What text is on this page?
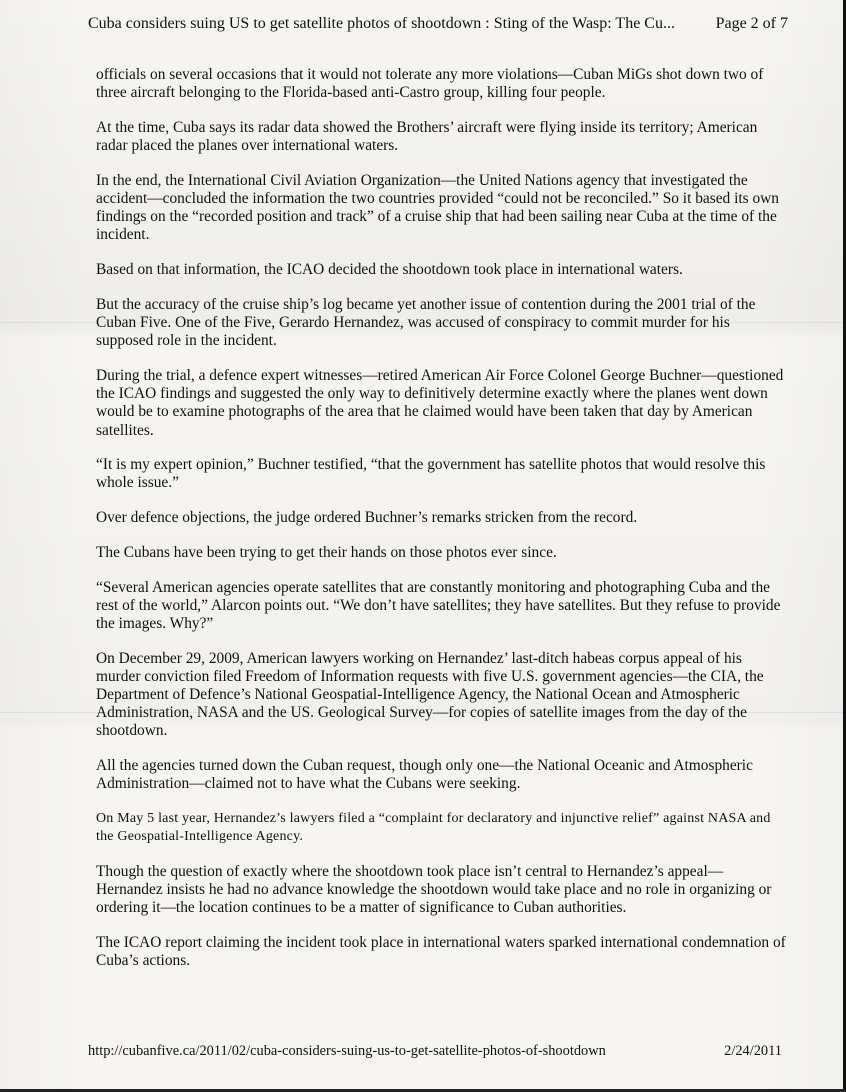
Cuba considers suing US to get satellite photos of shootdown : Sting of the Wasp: The Cu...	Page 2 of 7

officials on several occasions that it would not tolerate any more violations—Cuban MiGs shot down two of three aircraft belonging to the Florida-based anti-Castro group, killing four people.

At the time, Cuba says its radar data showed the Brothers’ aircraft were flying inside its territory; American radar placed the planes over international waters.

In the end, the International Civil Aviation Organization—the United Nations agency that investigated the accident—concluded the information the two countries provided “could not be reconciled.” So it based its own findings on the “recorded position and track” of a cruise ship that had been sailing near Cuba at the time of the incident.

Based on that information, the ICAO decided the shootdown took place in international waters.

But the accuracy of the cruise ship’s log became yet another issue of contention during the 2001 trial of the Cuban Five. One of the Five, Gerardo Hernandez, was accused of conspiracy to commit murder for his supposed role in the incident.

During the trial, a defence expert witnesses—retired American Air Force Colonel George Buchner—questioned the ICAO findings and suggested the only way to definitively determine exactly where the planes went down would be to examine photographs of the area that he claimed would have been taken that day by American satellites.

“It is my expert opinion,” Buchner testified, “that the government has satellite photos that would resolve this whole issue.”

Over defence objections, the judge ordered Buchner’s remarks stricken from the record.

The Cubans have been trying to get their hands on those photos ever since.

“Several American agencies operate satellites that are constantly monitoring and photographing Cuba and the rest of the world,” Alarcon points out. “We don’t have satellites; they have satellites. But they refuse to provide the images. Why?”

On December 29, 2009, American lawyers working on Hernandez’ last-ditch habeas corpus appeal of his murder conviction filed Freedom of Information requests with five U.S. government agencies—the CIA, the Department of Defence’s National Geospatial-Intelligence Agency, the National Ocean and Atmospheric Administration, NASA and the US. Geological Survey—for copies of satellite images from the day of the shootdown.

All the agencies turned down the Cuban request, though only one—the National Oceanic and Atmospheric Administration—claimed not to have what the Cubans were seeking.

On May 5 last year, Hernandez’s lawyers filed a “complaint for declaratory and injunctive relief” against NASA and the Geospatial-Intelligence Agency.

Though the question of exactly where the shootdown took place isn’t central to Hernandez’s appeal—Hernandez insists he had no advance knowledge the shootdown would take place and no role in organizing or ordering it—the location continues to be a matter of significance to Cuban authorities.

The ICAO report claiming the incident took place in international waters sparked international condemnation of Cuba’s actions.

http://cubanfive.ca/2011/02/cuba-considers-suing-us-to-get-satellite-photos-of-shootdown	2/24/2011
